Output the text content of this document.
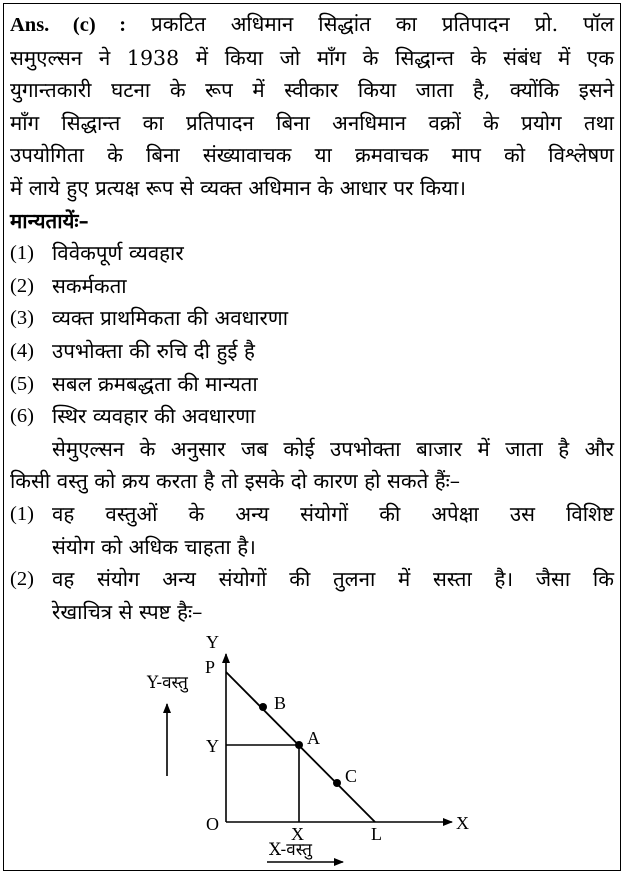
Ans. (c) : प्रकटित अधिमान सिद्धांत का प्रतिपादन प्रो. पॉल

समुएल्सन ने 1938 में किया जो माँग के सिद्धान्त के संबंध में एक

युगान्तकारी घटना के रूप में स्वीकार किया जाता है, क्योंकि इसने

माँग सिद्धान्त का प्रतिपादन बिना अनधिमान वक्रों के प्रयोग तथा

उपयोगिता के बिना संख्यावाचक या क्रमवाचक माप को विश्लेषण

में लाये हुए प्रत्यक्ष रूप से व्यक्त अधिमान के आधार पर किया।

मान्यतायेंः–

(1) विवेकपूर्ण व्यवहार
(2) सकर्मकता
(3) व्यक्त प्राथमिकता की अवधारणा
(4) उपभोक्ता की रुचि दी हुई है
(5) सबल क्रमबद्धता की मान्यता
(6) स्थिर व्यवहार की अवधारणा

सेमुएल्सन के अनुसार जब कोई उपभोक्ता बाजार में जाता है और

किसी वस्तु को क्रय करता है तो इसके दो कारण हो सकते हैंः–

(1) वह वस्तुओं के अन्य संयोगों की अपेक्षा उस विशिष्ट

संयोग को अधिक चाहता है।

(2) वह संयोग अन्य संयोगों की तुलना में सस्ता है। जैसा कि

रेखाचित्र से स्पष्ट हैः–

Y
P
B
Y	A
C
O	X	L
X
Y-वस्तु
X-वस्तु
